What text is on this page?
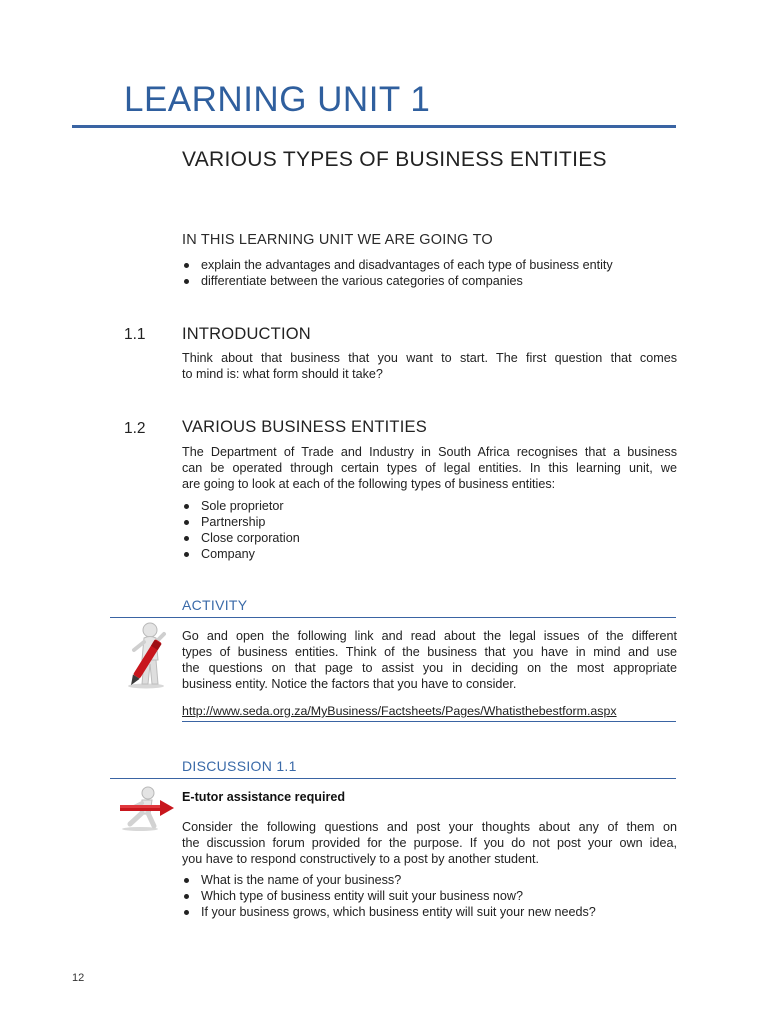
LEARNING UNIT 1
VARIOUS TYPES OF BUSINESS ENTITIES
IN THIS LEARNING UNIT WE ARE GOING TO
explain the advantages and disadvantages of each type of business entity
differentiate between the various categories of companies
1.1 INTRODUCTION
Think about that business that you want to start. The first question that comes
to mind is: what form should it take?
1.2 VARIOUS BUSINESS ENTITIES
The Department of Trade and Industry in South Africa recognises that a business
can be operated through certain types of legal entities. In this learning unit, we
are going to look at each of the following types of business entities:
Sole proprietor
Partnership
Close corporation
Company
ACTIVITY
Go and open the following link and read about the legal issues of the different
types of business entities. Think of the business that you have in mind and use
the questions on that page to assist you in deciding on the most appropriate
business entity. Notice the factors that you have to consider.
http://www.seda.org.za/MyBusiness/Factsheets/Pages/Whatisthebestform.aspx
DISCUSSION 1.1
E-tutor assistance required
Consider the following questions and post your thoughts about any of them on
the discussion forum provided for the purpose. If you do not post your own idea,
you have to respond constructively to a post by another student.
What is the name of your business?
Which type of business entity will suit your business now?
If your business grows, which business entity will suit your new needs?
12
